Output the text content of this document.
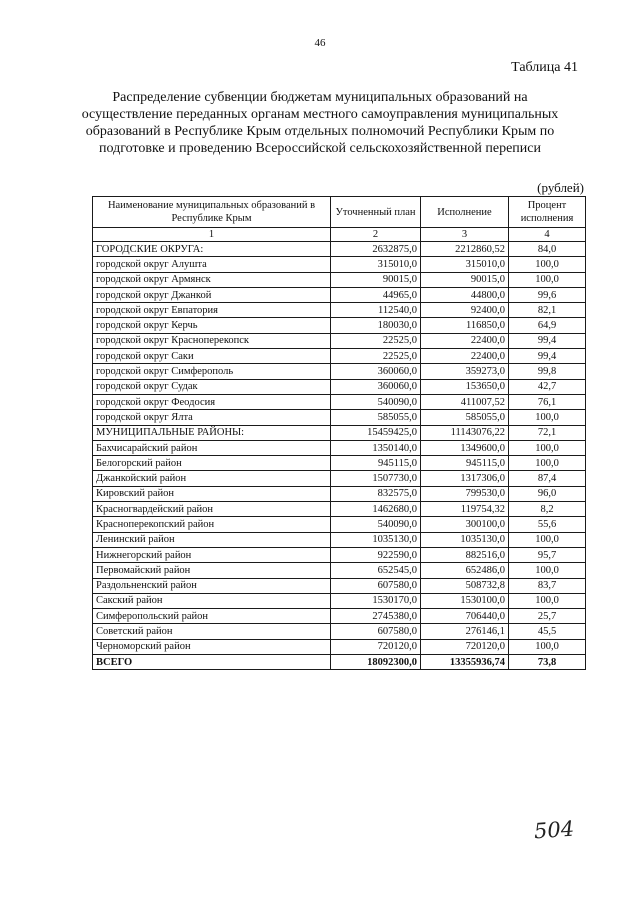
46
Таблица 41
Распределение субвенции бюджетам муниципальных образований на осуществление переданных органам местного самоуправления муниципальных образований в Республике Крым отдельных полномочий Республики Крым по подготовке и проведению Всероссийской сельскохозяйственной переписи
(рублей)
Наименование муниципальных образований в Республике Крым	Уточненный план	Исполнение	Процент исполнения
1	2	3	4
ГОРОДСКИЕ ОКРУГА:	2632875,0	2212860,52	84,0
городской округ Алушта	315010,0	315010,0	100,0
городской округ Армянск	90015,0	90015,0	100,0
городской округ Джанкой	44965,0	44800,0	99,6
городской округ Евпатория	112540,0	92400,0	82,1
городской округ Керчь	180030,0	116850,0	64,9
городской округ Красноперекопск	22525,0	22400,0	99,4
городской округ Саки	22525,0	22400,0	99,4
городской округ Симферополь	360060,0	359273,0	99,8
городской округ Судак	360060,0	153650,0	42,7
городской округ Феодосия	540090,0	411007,52	76,1
городской округ Ялта	585055,0	585055,0	100,0
МУНИЦИПАЛЬНЫЕ РАЙОНЫ:	15459425,0	11143076,22	72,1
Бахчисарайский район	1350140,0	1349600,0	100,0
Белогорский район	945115,0	945115,0	100,0
Джанкойский район	1507730,0	1317306,0	87,4
Кировский район	832575,0	799530,0	96,0
Красногвардейский район	1462680,0	119754,32	8,2
Красноперекопский район	540090,0	300100,0	55,6
Ленинский район	1035130,0	1035130,0	100,0
Нижнегорский район	922590,0	882516,0	95,7
Первомайский район	652545,0	652486,0	100,0
Раздольненский район	607580,0	508732,8	83,7
Сакский район	1530170,0	1530100,0	100,0
Симферопольский район	2745380,0	706440,0	25,7
Советский район	607580,0	276146,1	45,5
Черноморский район	720120,0	720120,0	100,0
ВСЕГО	18092300,0	13355936,74	73,8
504
